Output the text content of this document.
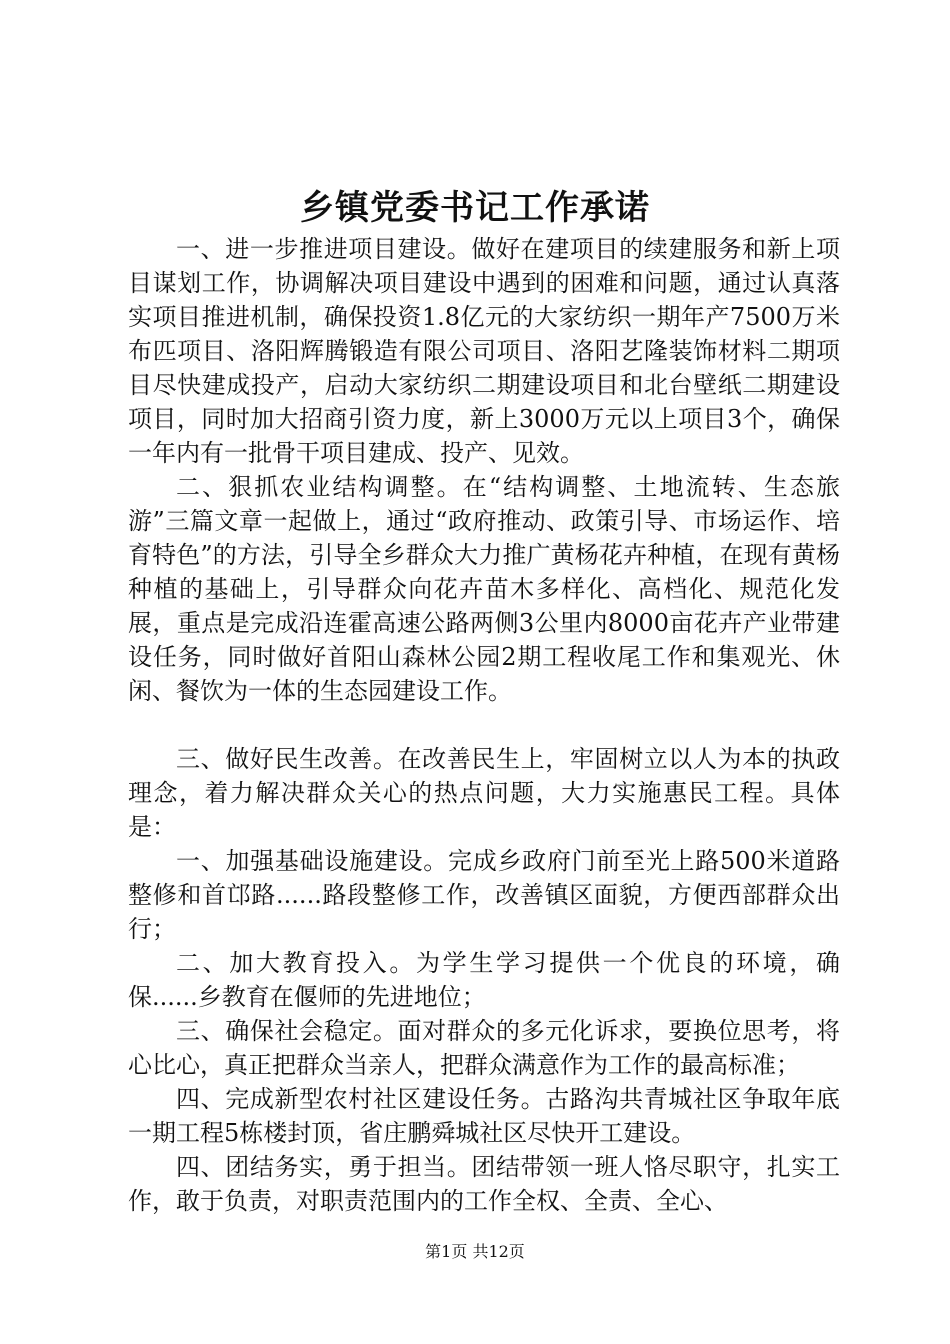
乡镇党委书记工作承诺

一、进一步推进项目建设。做好在建项目的续建服务和新上项目谋划工作，协调解决项目建设中遇到的困难和问题，通过认真落实项目推进机制，确保投资1.8亿元的大家纺织一期年产7500万米布匹项目、洛阳辉腾锻造有限公司项目、洛阳艺隆装饰材料二期项目尽快建成投产，启动大家纺织二期建设项目和北台壁纸二期建设项目，同时加大招商引资力度，新上3000万元以上项目3个，确保一年内有一批骨干项目建成、投产、见效。

二、狠抓农业结构调整。在“结构调整、土地流转、生态旅游”三篇文章一起做上，通过“政府推动、政策引导、市场运作、培育特色”的方法，引导全乡群众大力推广黄杨花卉种植，在现有黄杨种植的基础上，引导群众向花卉苗木多样化、高档化、规范化发展，重点是完成沿连霍高速公路两侧3公里内8000亩花卉产业带建设任务，同时做好首阳山森林公园2期工程收尾工作和集观光、休闲、餐饮为一体的生态园建设工作。

三、做好民生改善。在改善民生上，牢固树立以人为本的执政理念，着力解决群众关心的热点问题，大力实施惠民工程。具体是：

一、加强基础设施建设。完成乡政府门前至光上路500米道路整修和首邙路......路段整修工作，改善镇区面貌，方便西部群众出行；

二、加大教育投入。为学生学习提供一个优良的环境，确保......乡教育在偃师的先进地位；

三、确保社会稳定。面对群众的多元化诉求，要换位思考，将心比心，真正把群众当亲人，把群众满意作为工作的最高标准；

四、完成新型农村社区建设任务。古路沟共青城社区争取年底一期工程5栋楼封顶，省庄鹏舜城社区尽快开工建设。

四、团结务实，勇于担当。团结带领一班人恪尽职守，扎实工作，敢于负责，对职责范围内的工作全权、全责、全心、

第1页 共12页
